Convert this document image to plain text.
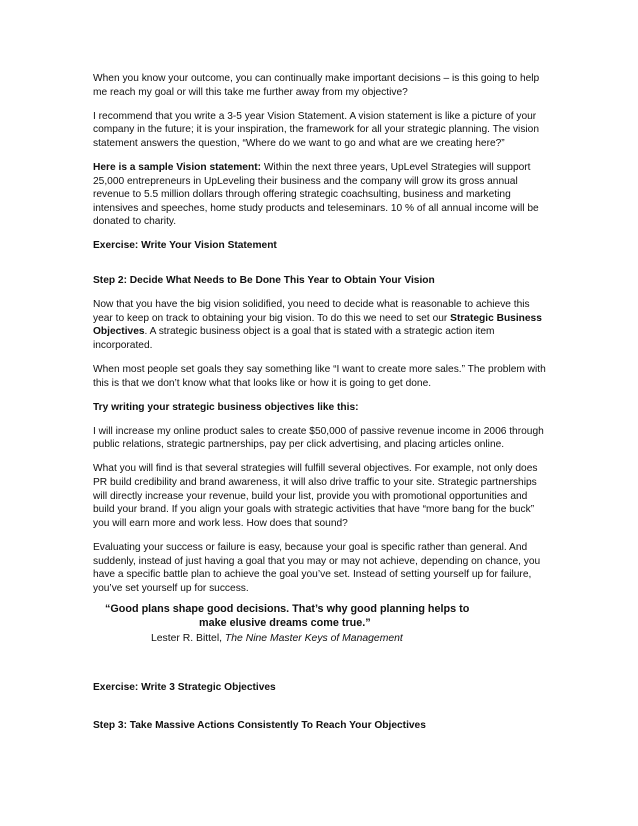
When you know your outcome, you can continually make important decisions – is this going to help me reach my goal or will this take me further away from my objective?

I recommend that you write a 3-5 year Vision Statement. A vision statement is like a picture of your company in the future; it is your inspiration, the framework for all your strategic planning. The vision statement answers the question, “Where do we want to go and what are we creating here?”

Here is a sample Vision statement: Within the next three years, UpLevel Strategies will support 25,000 entrepreneurs in UpLeveling their business and the company will grow its gross annual revenue to 5.5 million dollars through offering strategic coachsulting, business and marketing intensives and speeches, home study products and teleseminars. 10 % of all annual income will be donated to charity.

Exercise: Write Your Vision Statement

Step 2: Decide What Needs to Be Done This Year to Obtain Your Vision

Now that you have the big vision solidified, you need to decide what is reasonable to achieve this year to keep on track to obtaining your big vision. To do this we need to set our Strategic Business Objectives. A strategic business object is a goal that is stated with a strategic action item incorporated.

When most people set goals they say something like “I want to create more sales.” The problem with this is that we don’t know what that looks like or how it is going to get done.

Try writing your strategic business objectives like this:

I will increase my online product sales to create $50,000 of passive revenue income in 2006 through public relations, strategic partnerships, pay per click advertising, and placing articles online.

What you will find is that several strategies will fulfill several objectives. For example, not only does PR build credibility and brand awareness, it will also drive traffic to your site. Strategic partnerships will directly increase your revenue, build your list, provide you with promotional opportunities and build your brand. If you align your goals with strategic activities that have “more bang for the buck” you will earn more and work less. How does that sound?

Evaluating your success or failure is easy, because your goal is specific rather than general. And suddenly, instead of just having a goal that you may or may not achieve, depending on chance, you have a specific battle plan to achieve the goal you’ve set. Instead of setting yourself up for failure, you’ve set yourself up for success.

“Good plans shape good decisions. That’s why good planning helps to
make elusive dreams come true.”
Lester R. Bittel, The Nine Master Keys of Management

Exercise: Write 3 Strategic Objectives

Step 3: Take Massive Actions Consistently To Reach Your Objectives
